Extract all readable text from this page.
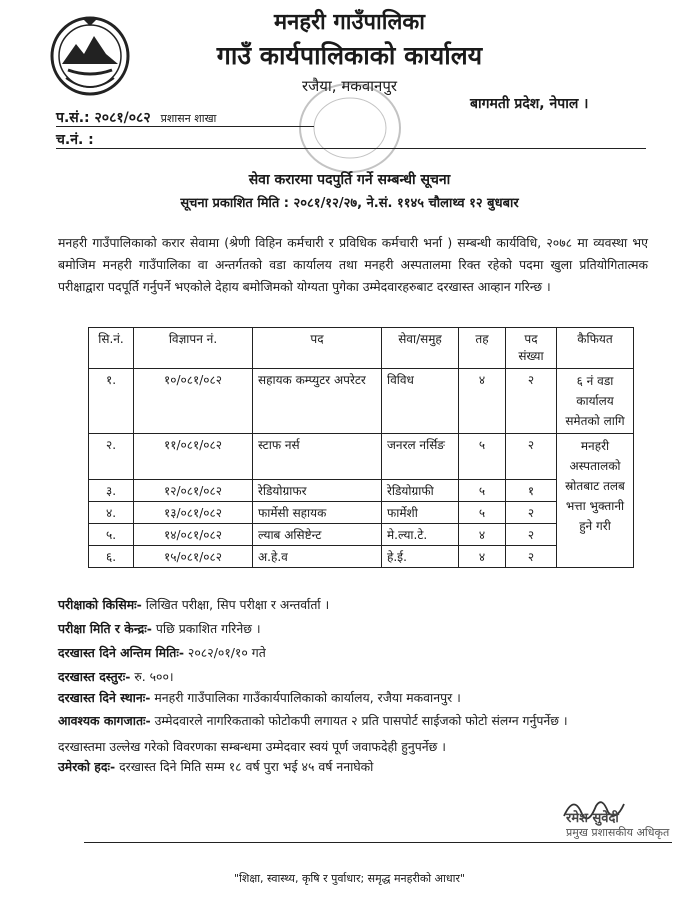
मनहरी गाउँपालिका
गाउँ कार्यपालिकाको कार्यालय
रजैया, मकवानपुर
प.सं.: २०८१/०८२ प्रशासन शाखा
च.नं. :
बागमती प्रदेश, नेपाल ।
सेवा करारमा पदपुर्ति गर्ने सम्बन्धी सूचना
सूचना प्रकाशित मिति : २०८१/१२/२७, ने.सं. ११४५ चौलाथ्व १२ बुधबार
मनहरी गाउँपालिकाको करार सेवामा (श्रेणी विहिन कर्मचारी र प्रविधिक कर्मचारी भर्ना ) सम्बन्धी कार्यविधि, २०७८ मा व्यवस्था भए बमोजिम मनहरी गाउँपालिका वा अन्तर्गतको वडा कार्यालय तथा मनहरी अस्पतालमा रिक्त रहेको पदमा खुला प्रतियोगितात्मक परीक्षाद्वारा पदपूर्ति गर्नुपर्ने भएकोले देहाय बमोजिमको योग्यता पुगेका उम्मेदवारहरुबाट दरखास्त आव्हान गरिन्छ ।
सि.नं.	विज्ञापन नं.	पद	सेवा/समुह	तह	पद संख्या	कैफियत
१.	१०/०८१/०८२	सहायक कम्प्युटर अपरेटर	विविध	४	२	६ नं वडा कार्यालय समेतको लागि
२.	११/०८१/०८२	स्टाफ नर्स	जनरल नर्सिङ	५	२	मनहरी अस्पतालको स्रोतबाट तलब भत्ता भुक्तानी हुने गरी
३.	१२/०८१/०८२	रेडियोग्राफर	रेडियोग्राफी	५	१	
४.	१३/०८१/०८२	फार्मेसी सहायक	फार्मेशी	५	२	
५.	१४/०८१/०८२	ल्याब असिष्टेन्ट	मे.ल्या.टे.	४	२	
६.	१५/०८१/०८२	अ.हे.व	हे.ई.	४	२	
परीक्षाको किसिमः- लिखित परीक्षा, सिप परीक्षा र अन्तर्वार्ता ।
परीक्षा मिति र केन्द्रः- पछि प्रकाशित गरिनेछ ।
दरखास्त दिने अन्तिम मितिः- २०८२/०१/१० गते
दरखास्त दस्तुरः- रु. ५००।
दरखास्त दिने स्थानः- मनहरी गाउँपालिका गाउँकार्यपालिकाको कार्यालय, रजैया मकवानपुर ।
आवश्यक कागजातः- उम्मेदवारले नागरिकताको फोटोकपी लगायत २ प्रति पासपोर्ट साईजको फोटो संलग्न गर्नुपर्नेछ ।
दरखास्तमा उल्लेख गरेको विवरणका सम्बन्धमा उम्मेदवार स्वयं पूर्ण जवाफदेही हुनुपर्नेछ ।
उमेरको हदः- दरखास्त दिने मिति सम्म १८ वर्ष पुरा भई ४५ वर्ष ननाघेको
रमेश सुवेदी
प्रमुख प्रशासकीय अधिकृत
"शिक्षा, स्वास्थ्य, कृषि र पुर्वाधार; समृद्ध मनहरीको आधार"
